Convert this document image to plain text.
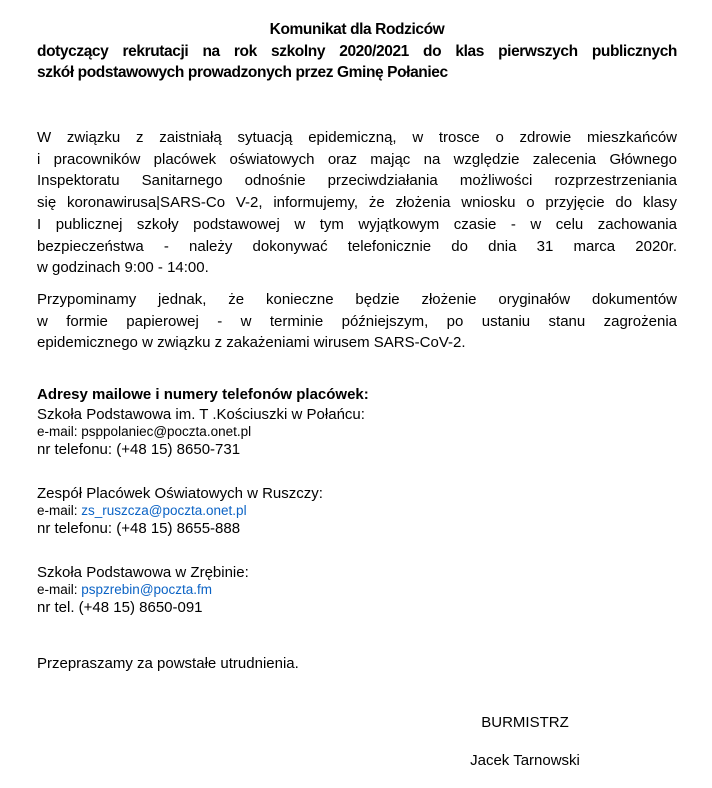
Komunikat dla Rodziców
dotyczący rekrutacji na rok szkolny 2020/2021 do klas pierwszych publicznych
szkół podstawowych prowadzonych przez Gminę Połaniec
W związku z zaistniałą sytuacją epidemiczną, w trosce o zdrowie mieszkańców
i pracowników placówek oświatowych oraz mając na względzie zalecenia Głównego
Inspektoratu Sanitarnego odnośnie przeciwdziałania możliwości rozprzestrzeniania
się koronawirusa|SARS-Co V-2, informujemy, że złożenia wniosku o przyjęcie do klasy
I publicznej szkoły podstawowej w tym wyjątkowym czasie - w celu zachowania
bezpieczeństwa - należy dokonywać telefonicznie do dnia 31 marca 2020r.
w godzinach 9:00 - 14:00.
Przypominamy jednak, że konieczne będzie złożenie oryginałów dokumentów
w formie papierowej - w terminie późniejszym, po ustaniu stanu zagrożenia
epidemicznego w związku z zakażeniami wirusem SARS-CoV-2.
Adresy mailowe i numery telefonów placówek:
Szkoła Podstawowa im. T .Kościuszki w Połańcu:
e-mail: psppolaniec@poczta.onet.pl
nr telefonu: (+48 15) 8650-731
Zespół Placówek Oświatowych w Ruszczy:
e-mail: zs_ruszcza@poczta.onet.pl
nr telefonu: (+48 15) 8655-888
Szkoła Podstawowa w Zrębinie:
e-mail: pspzrebin@poczta.fm
nr tel. (+48 15) 8650-091
Przepraszamy za powstałe utrudnienia.
BURMISTRZ
Jacek Tarnowski
